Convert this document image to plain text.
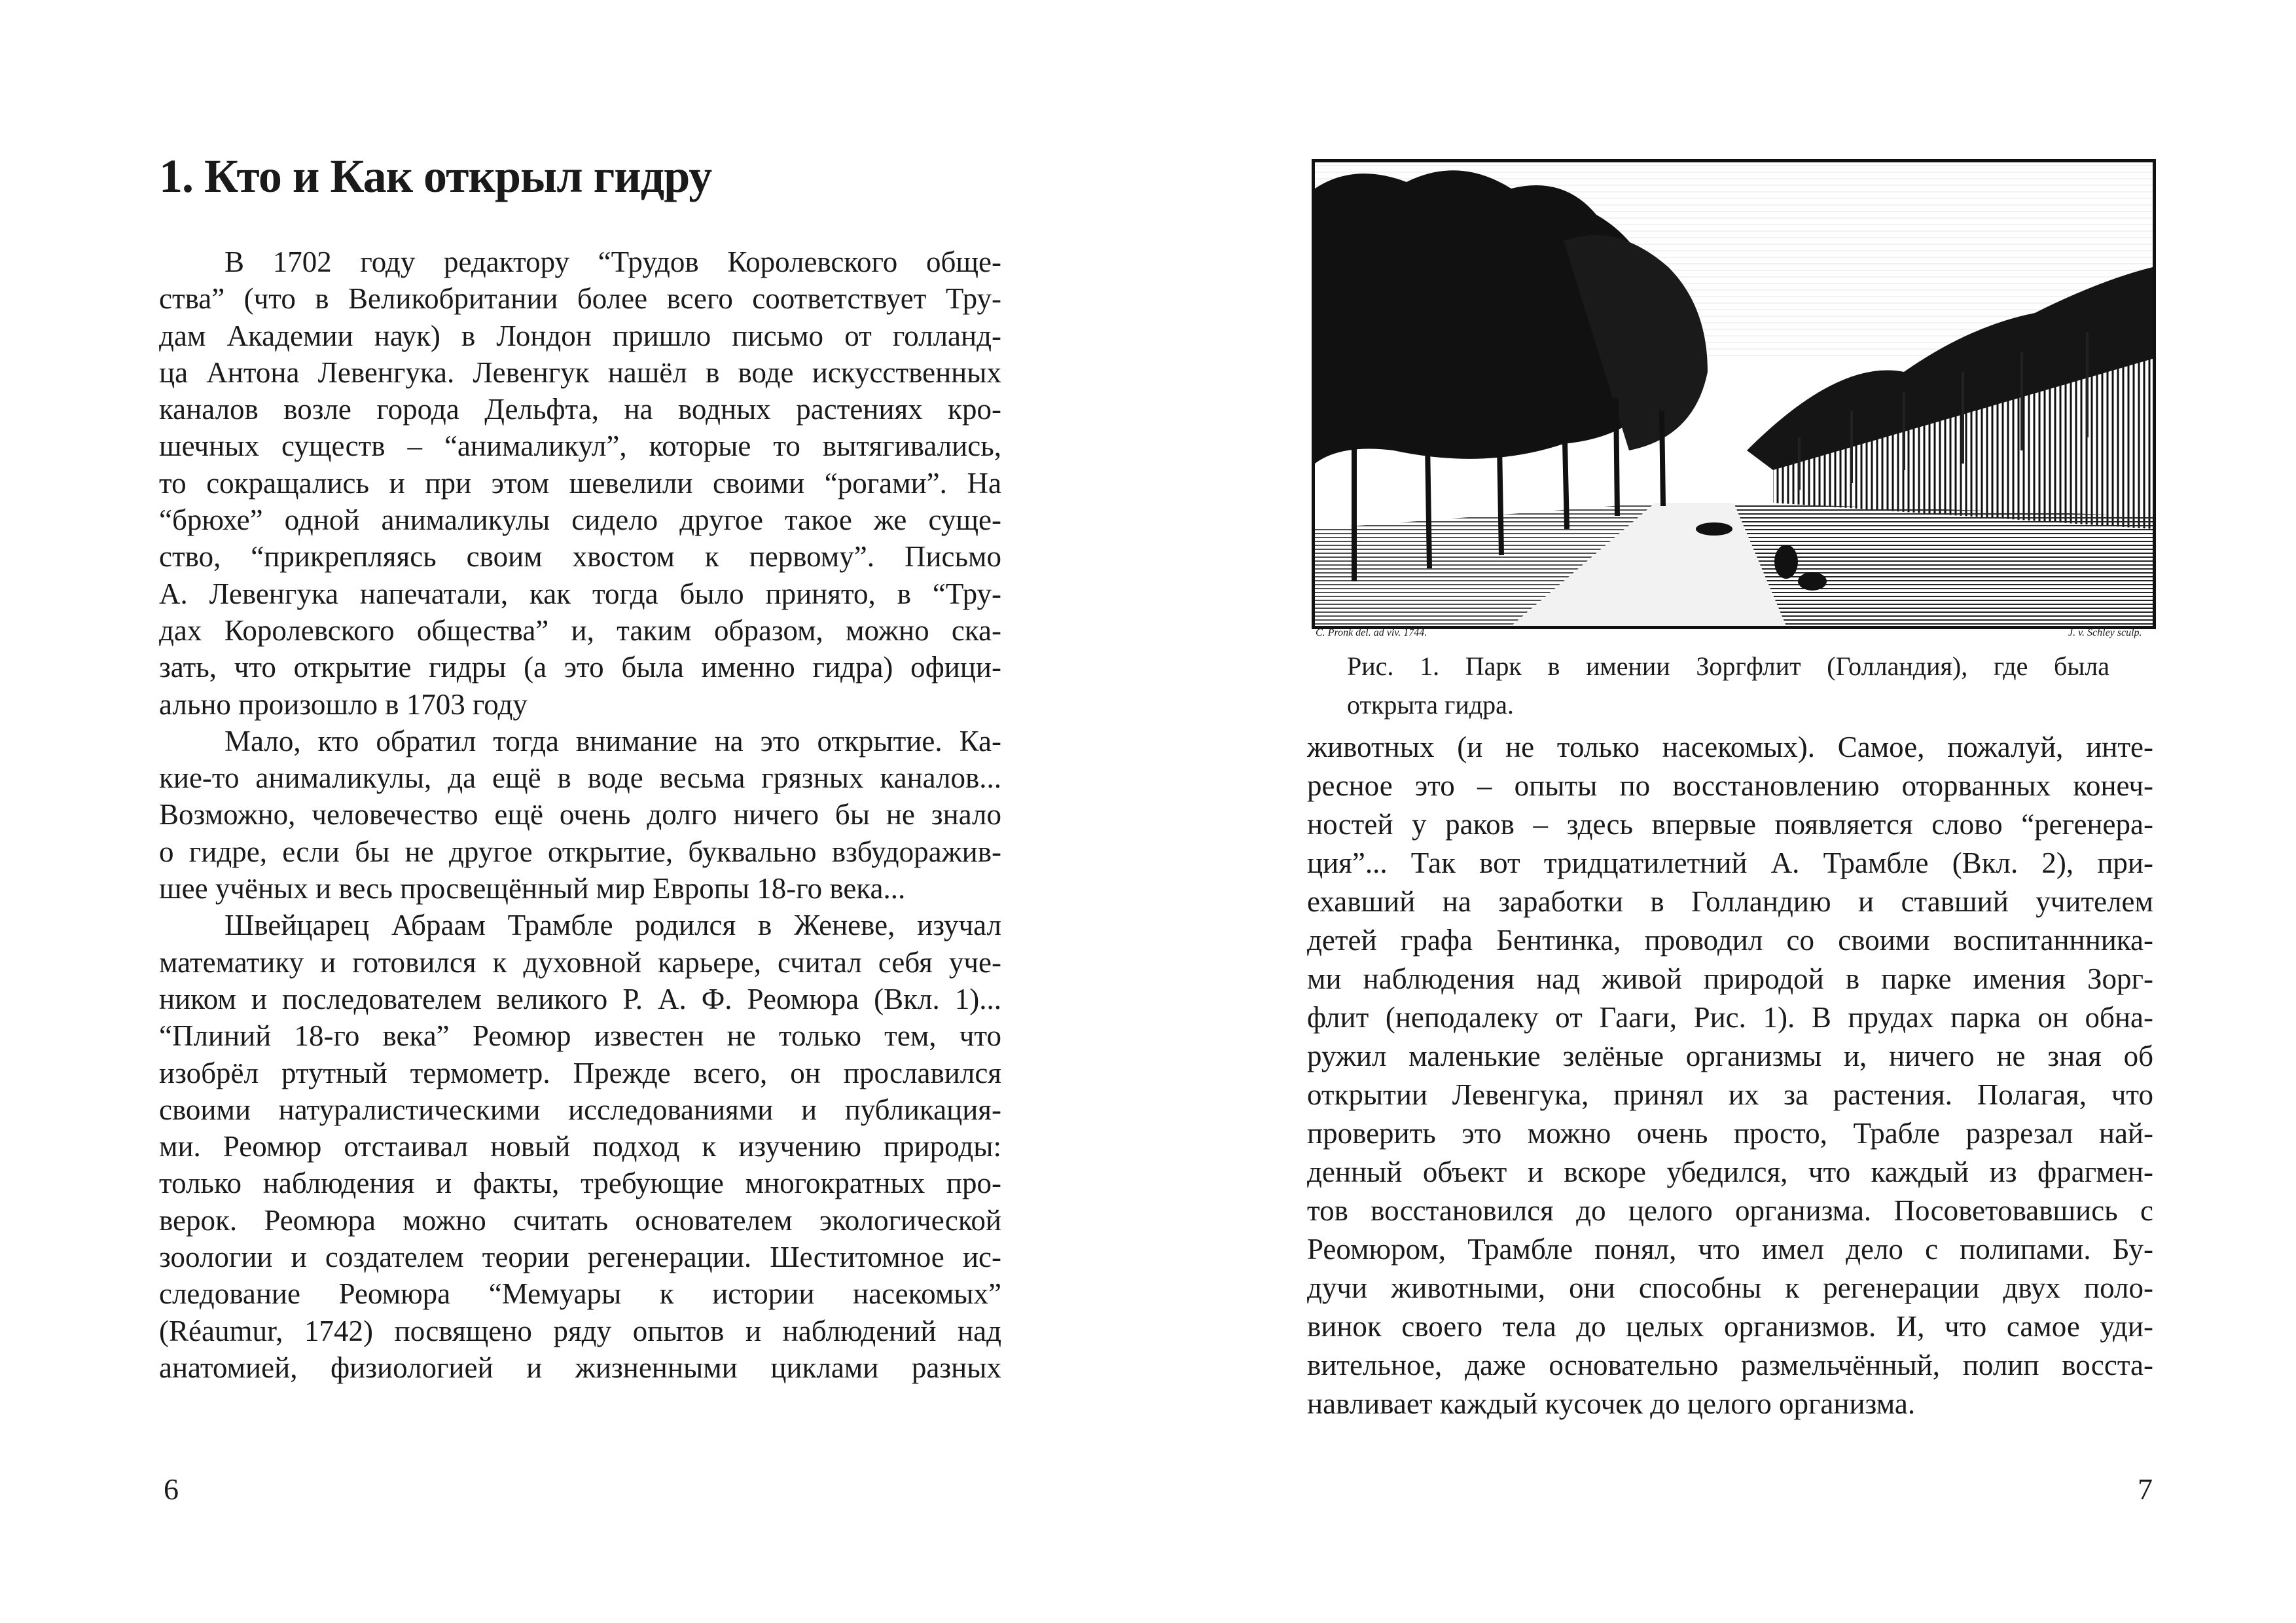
1. Кто и Как открыл гидру
В 1702 году редактору “Трудов Королевского обще-
ства” (что в Великобритании более всего соответствует Тру-
дам Академии наук) в Лондон пришло письмо от голланд-
ца Антона Левенгука. Левенгук нашёл в воде искусственных
каналов возле города Дельфта, на водных растениях кро-
шечных существ – “анималикул”, которые то вытягивались,
то сокращались и при этом шевелили своими “рогами”. На
“брюхе” одной анималикулы сидело другое такое же суще-
ство, “прикрепляясь своим хвостом к первому”. Письмо
А. Левенгука напечатали, как тогда было принято, в “Тру-
дах Королевского общества” и, таким образом, можно ска-
зать, что открытие гидры (а это была именно гидра) офици-
ально произошло в 1703 году
Мало, кто обратил тогда внимание на это открытие. Ка-
кие-то анималикулы, да ещё в воде весьма грязных каналов...
Возможно, человечество ещё очень долго ничего бы не знало
о гидре, если бы не другое открытие, буквально взбудоражив-
шее учёных и весь просвещённый мир Европы 18-го века...
Швейцарец Абраам Трамбле родился в Женеве, изучал
математику и готовился к духовной карьере, считал себя уче-
ником и последователем великого Р. А. Ф. Реомюра (Вкл. 1)...
“Плиний 18-го века” Реомюр известен не только тем, что
изобрёл ртутный термометр. Прежде всего, он прославился
своими натуралистическими исследованиями и публикация-
ми. Реомюр отстаивал новый подход к изучению природы:
только наблюдения и факты, требующие многократных про-
верок. Реомюра можно считать основателем экологической
зоологии и создателем теории регенерации. Шеститомное ис-
следование Реомюра “Мемуары к истории насекомых”
(Réaumur, 1742) посвящено ряду опытов и наблюдений над
анатомией, физиологией и жизненными циклами разных
C. Pronk del. ad viv. 1744.	J. v. Schley sculp.
Рис. 1. Парк в имении Зоргфлит (Голландия), где была
открыта гидра.
животных (и не только насекомых). Самое, пожалуй, инте-
ресное это – опыты по восстановлению оторванных конеч-
ностей у раков – здесь впервые появляется слово “регенера-
ция”... Так вот тридцатилетний А. Трамбле (Вкл. 2), при-
ехавший на заработки в Голландию и ставший учителем
детей графа Бентинка, проводил со своими воспитаннника-
ми наблюдения над живой природой в парке имения Зорг-
флит (неподалеку от Гааги, Рис. 1). В прудах парка он обна-
ружил маленькие зелёные организмы и, ничего не зная об
открытии Левенгука, принял их за растения. Полагая, что
проверить это можно очень просто, Трабле разрезал най-
денный объект и вскоре убедился, что каждый из фрагмен-
тов восстановился до целого организма. Посоветовавшись с
Реомюром, Трамбле понял, что имел дело с полипами. Бу-
дучи животными, они способны к регенерации двух поло-
винок своего тела до целых организмов. И, что самое уди-
вительное, даже основательно размельчённый, полип восста-
навливает каждый кусочек до целого организма.
6	7
